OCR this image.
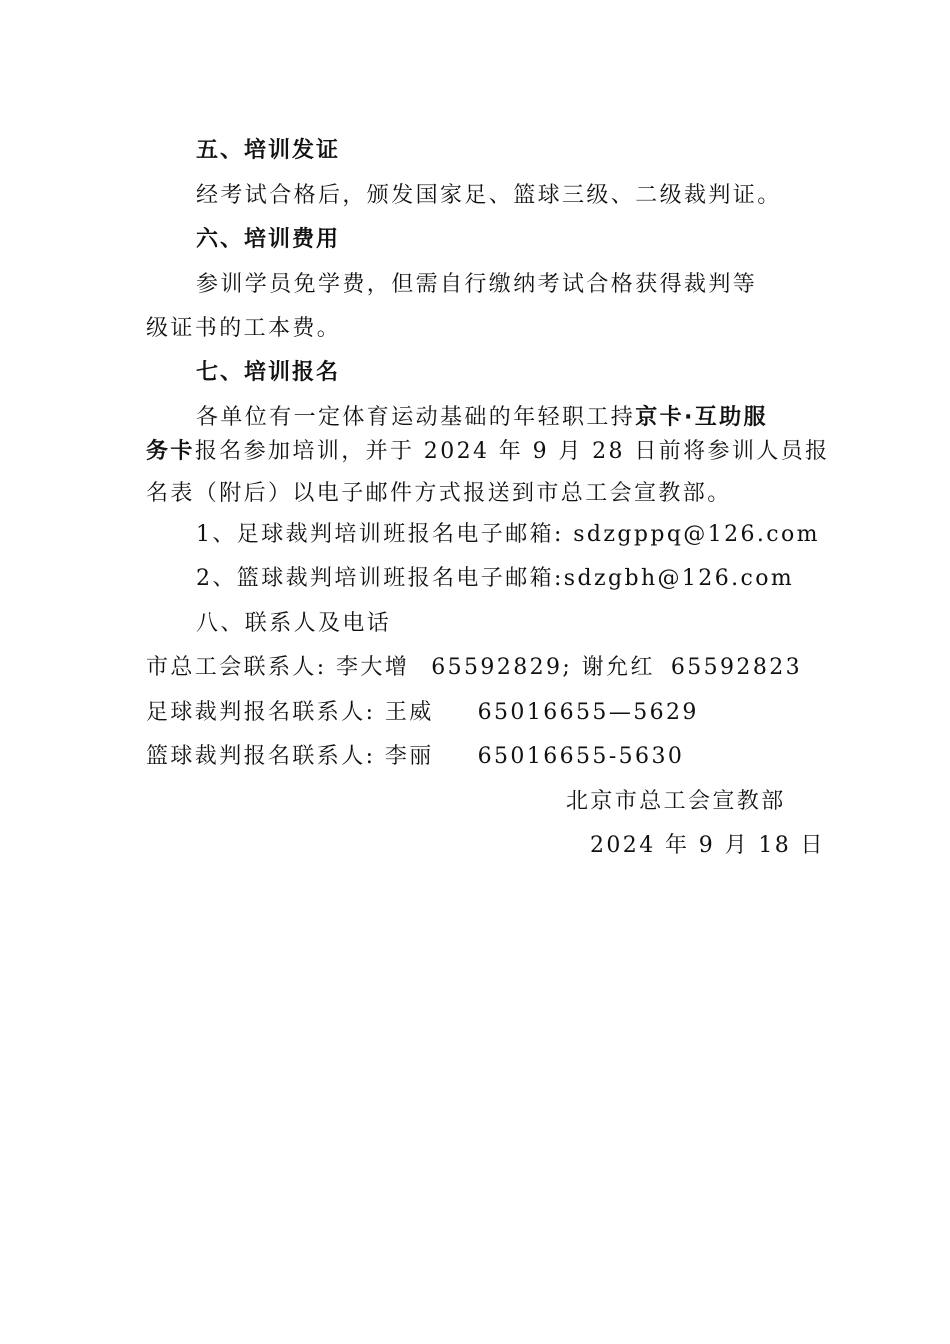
五、培训发证
经考试合格后，颁发国家足、篮球三级、二级裁判证。
六、培训费用
参训学员免学费，但需自行缴纳考试合格获得裁判等
级证书的工本费。
七、培训报名
各单位有一定体育运动基础的年轻职工持京卡·互助服
务卡报名参加培训，并于 2024 年 9 月 28 日前将参训人员报
名表（附后）以电子邮件方式报送到市总工会宣教部。
1、足球裁判培训班报名电子邮箱: sdzgppq@126.com
2、篮球裁判培训班报名电子邮箱:sdzgbh@126.com
八、联系人及电话
市总工会联系人: 李大增 65592829; 谢允红 65592823
足球裁判报名联系人: 王威 65016655—5629
篮球裁判报名联系人: 李丽 65016655-5630
北京市总工会宣教部
2024 年 9 月 18 日
